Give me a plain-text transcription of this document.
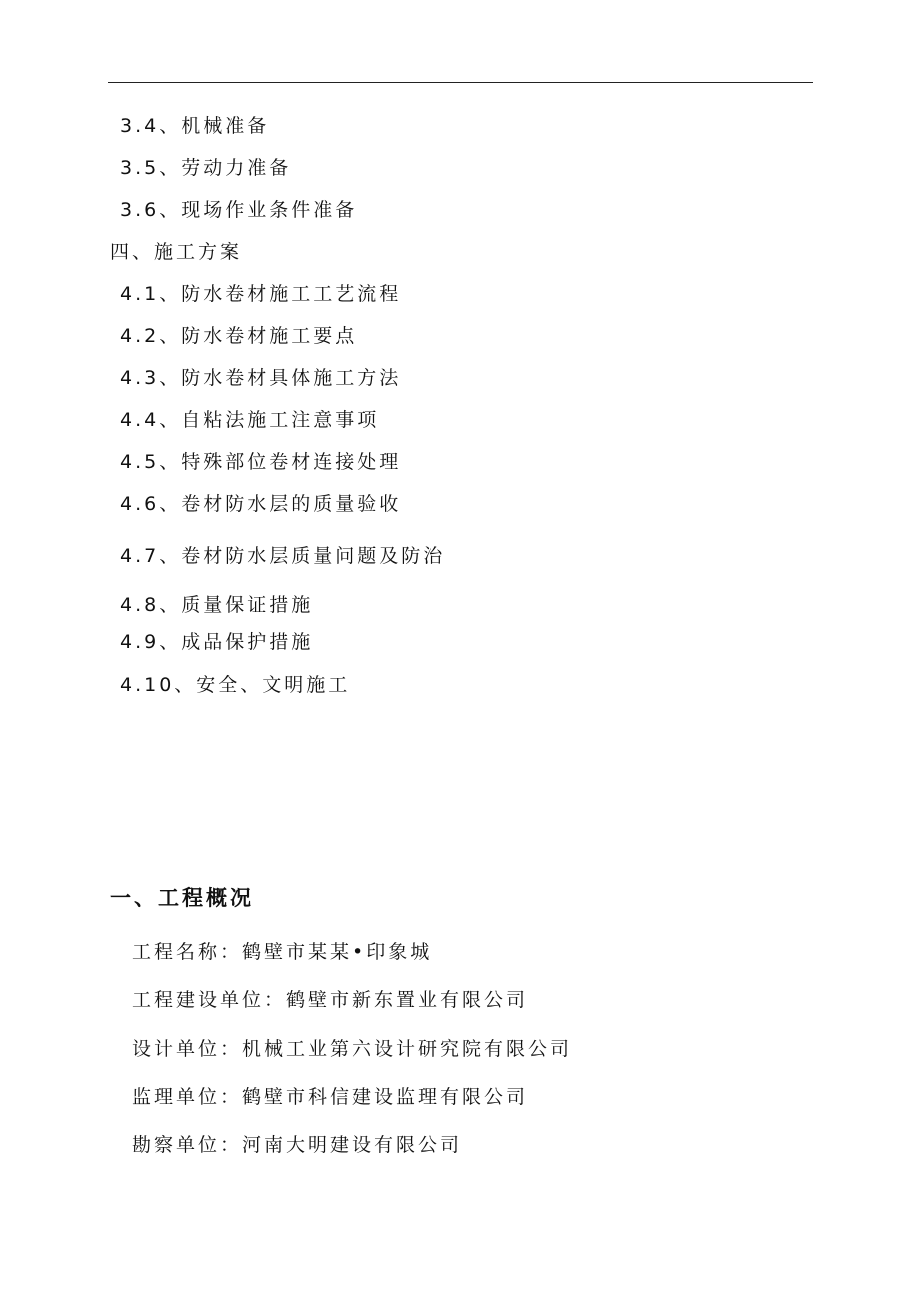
3.4、机械准备
3.5、劳动力准备
3.6、现场作业条件准备
四、施工方案
4.1、防水卷材施工工艺流程
4.2、防水卷材施工要点
4.3、防水卷材具体施工方法
4.4、自粘法施工注意事项
4.5、特殊部位卷材连接处理
4.6、卷材防水层的质量验收
4.7、卷材防水层质量问题及防治
4.8、质量保证措施
4.9、成品保护措施
4.10、安全、文明施工
一、工程概况
工程名称：鹤壁市某某•印象城
工程建设单位：鹤壁市新东置业有限公司
设计单位：机械工业第六设计研究院有限公司
监理单位：鹤壁市科信建设监理有限公司
勘察单位：河南大明建设有限公司
